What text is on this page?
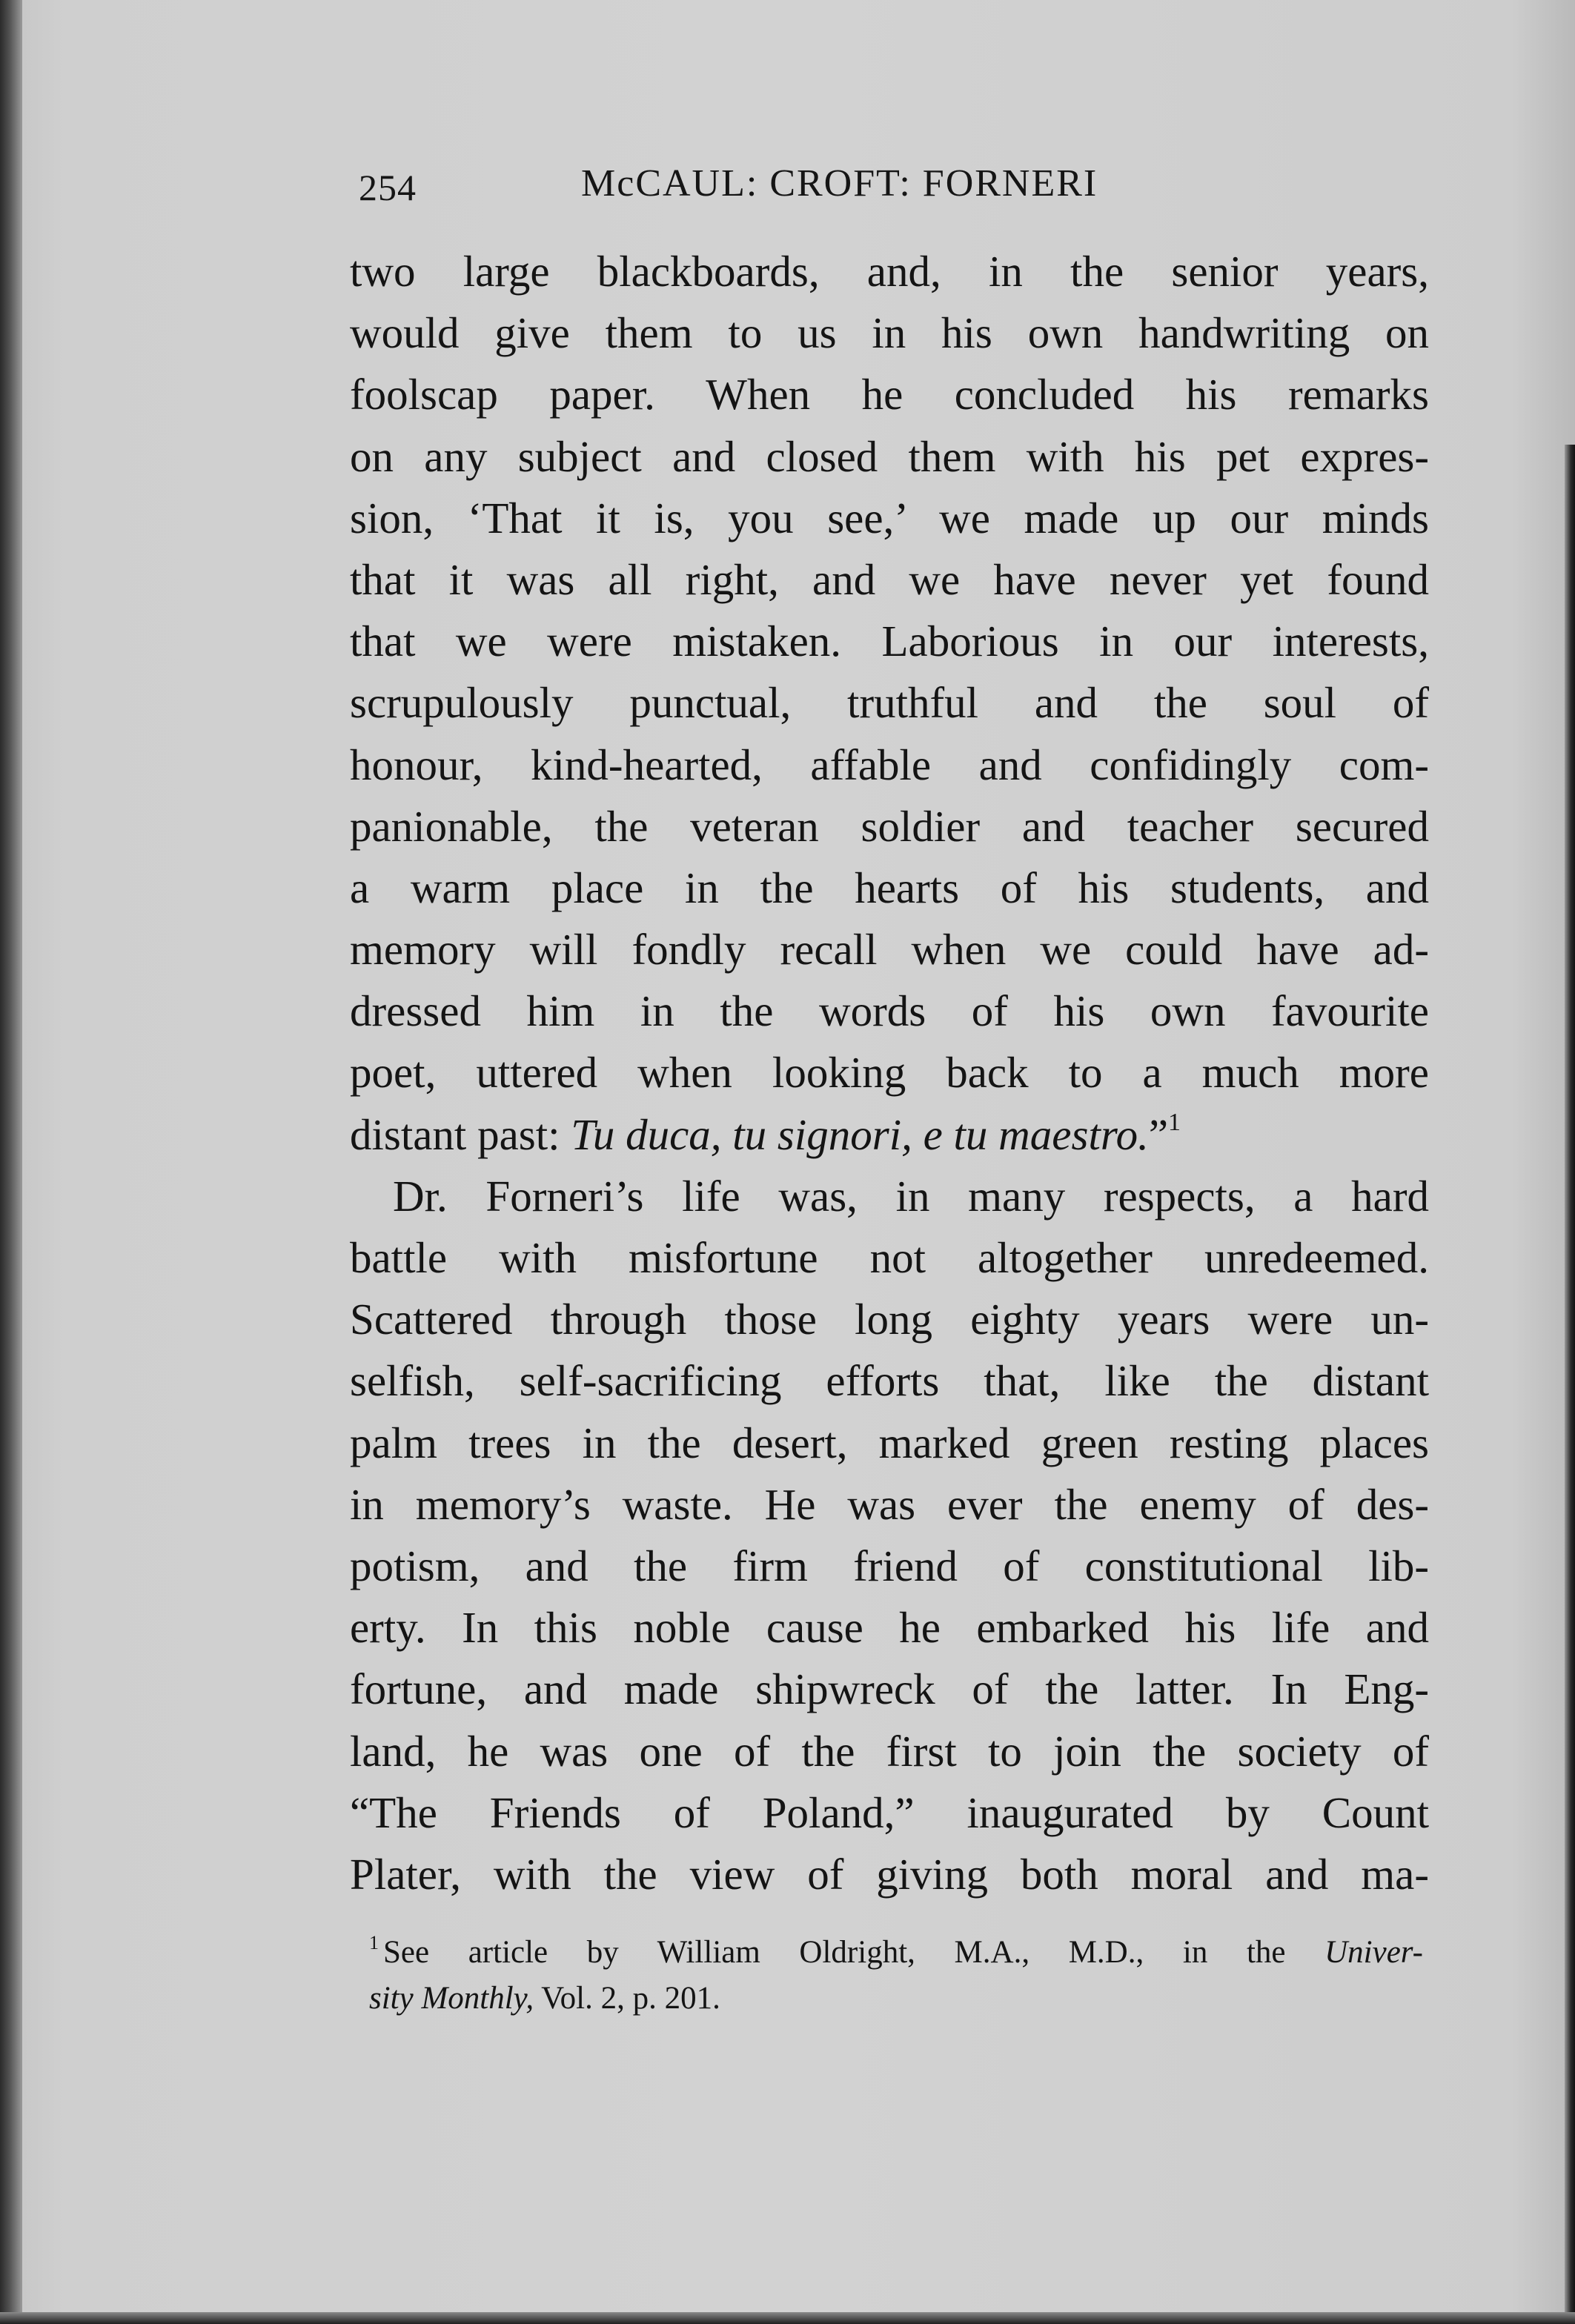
254	McCAUL: CROFT: FORNERI
two large blackboards, and, in the senior years,
would give them to us in his own handwriting on
foolscap paper. When he concluded his remarks
on any subject and closed them with his pet expres-
sion, ‘That it is, you see,’ we made up our minds
that it was all right, and we have never yet found
that we were mistaken. Laborious in our interests,
scrupulously punctual, truthful and the soul of
honour, kind-hearted, affable and confidingly com-
panionable, the veteran soldier and teacher secured
a warm place in the hearts of his students, and
memory will fondly recall when we could have ad-
dressed him in the words of his own favourite
poet, uttered when looking back to a much more
distant past: Tu duca, tu signori, e tu maestro.”$^1$
Dr. Forneri’s life was, in many respects, a hard
battle with misfortune not altogether unredeemed.
Scattered through those long eighty years were un-
selfish, self-sacrificing efforts that, like the distant
palm trees in the desert, marked green resting places
in memory’s waste. He was ever the enemy of des-
potism, and the firm friend of constitutional lib-
erty. In this noble cause he embarked his life and
fortune, and made shipwreck of the latter. In Eng-
land, he was one of the first to join the society of
“The Friends of Poland,” inaugurated by Count
Plater, with the view of giving both moral and ma-
$^1$ See article by William Oldright, M.A., M.D., in the Univer-
sity Monthly, Vol. 2, p. 201.
